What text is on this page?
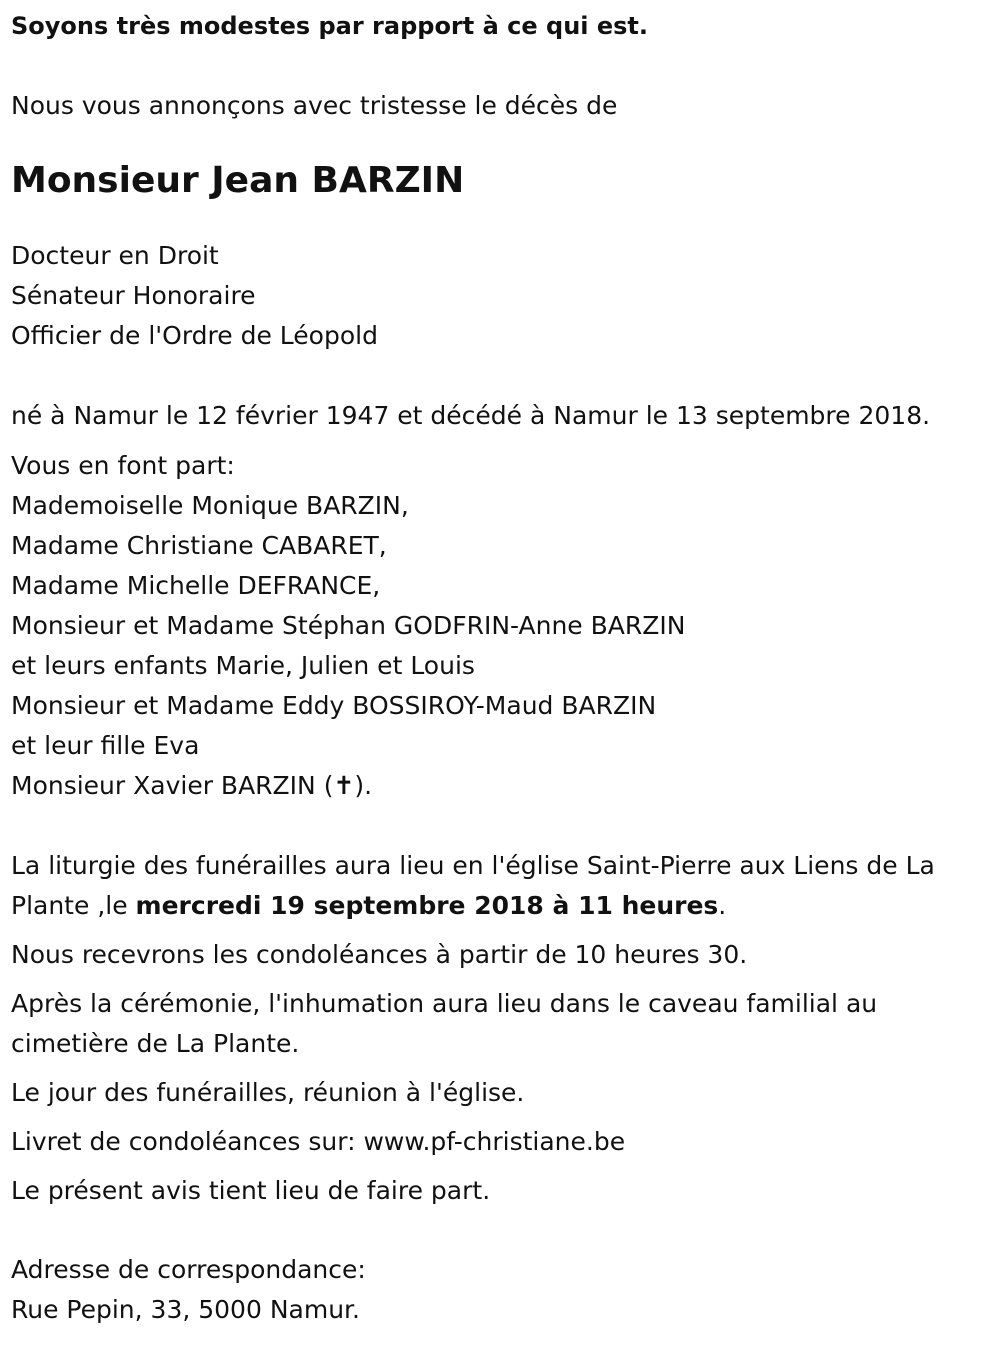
Soyons très modestes par rapport à ce qui est.

Nous vous annonçons avec tristesse le décès de

Monsieur Jean BARZIN

Docteur en Droit

Sénateur Honoraire

Officier de l'Ordre de Léopold

né à Namur le 12 février 1947 et décédé à Namur le 13 septembre 2018.

Vous en font part:

Mademoiselle Monique BARZIN,

Madame Christiane CABARET,

Madame Michelle DEFRANCE,

Monsieur et Madame Stéphan GODFRIN-Anne BARZIN

et leurs enfants Marie, Julien et Louis

Monsieur et Madame Eddy BOSSIROY-Maud BARZIN

et leur fille Eva

Monsieur Xavier BARZIN (✝).

La liturgie des funérailles aura lieu en l'église Saint-Pierre aux Liens de La Plante ,le mercredi 19 septembre 2018 à 11 heures.

Nous recevrons les condoléances à partir de 10 heures 30.

Après la cérémonie, l'inhumation aura lieu dans le caveau familial au cimetière de La Plante.

Le jour des funérailles, réunion à l'église.

Livret de condoléances sur: www.pf-christiane.be

Le présent avis tient lieu de faire part.

Adresse de correspondance:

Rue Pepin, 33, 5000 Namur.
